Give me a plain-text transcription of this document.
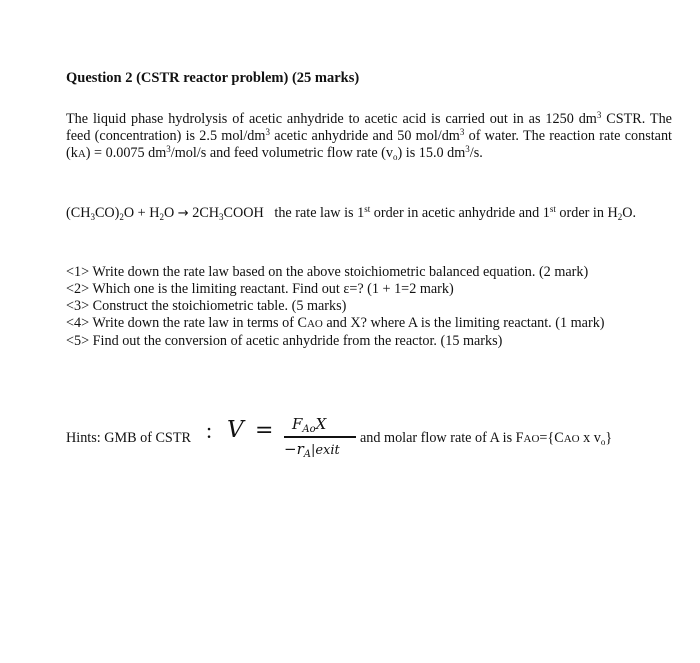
Question 2 (CSTR reactor problem) (25 marks)
The liquid phase hydrolysis of acetic anhydride to acetic acid is carried out in as 1250 $dm^3$ CSTR. The feed (concentration) is 2.5 mol/$dm^3$ acetic anhydride and 50 mol/$dm^3$ of water. The reaction rate constant (kA) = 0.0075 $dm^3/mol/s$ and feed volumetric flow rate $(v_o)$ is 15.0 $dm^3/s$.
$(CH_3CO)_2O + H_2O$ → $2CH_3COOH$   the rate law is 1st order in acetic anhydride and 1st order in $H_2O$.
<1> Write down the rate law based on the above stoichiometric balanced equation. (2 mark)
<2> Which one is the limiting reactant. Find out ε=? (1 + 1=2 mark)
<3> Construct the stoichiometric table. (5 marks)
<4> Write down the rate law in terms of CAO and X? where A is the limiting reactant. (1 mark)
<5> Find out the conversion of acetic anhydride from the reactor. (15 marks)
Hints: GMB of CSTR : $V = F_{Ao}X$
$-r_A|exit$
and molar flow rate of A is FAO={CAO x $v_o$}
